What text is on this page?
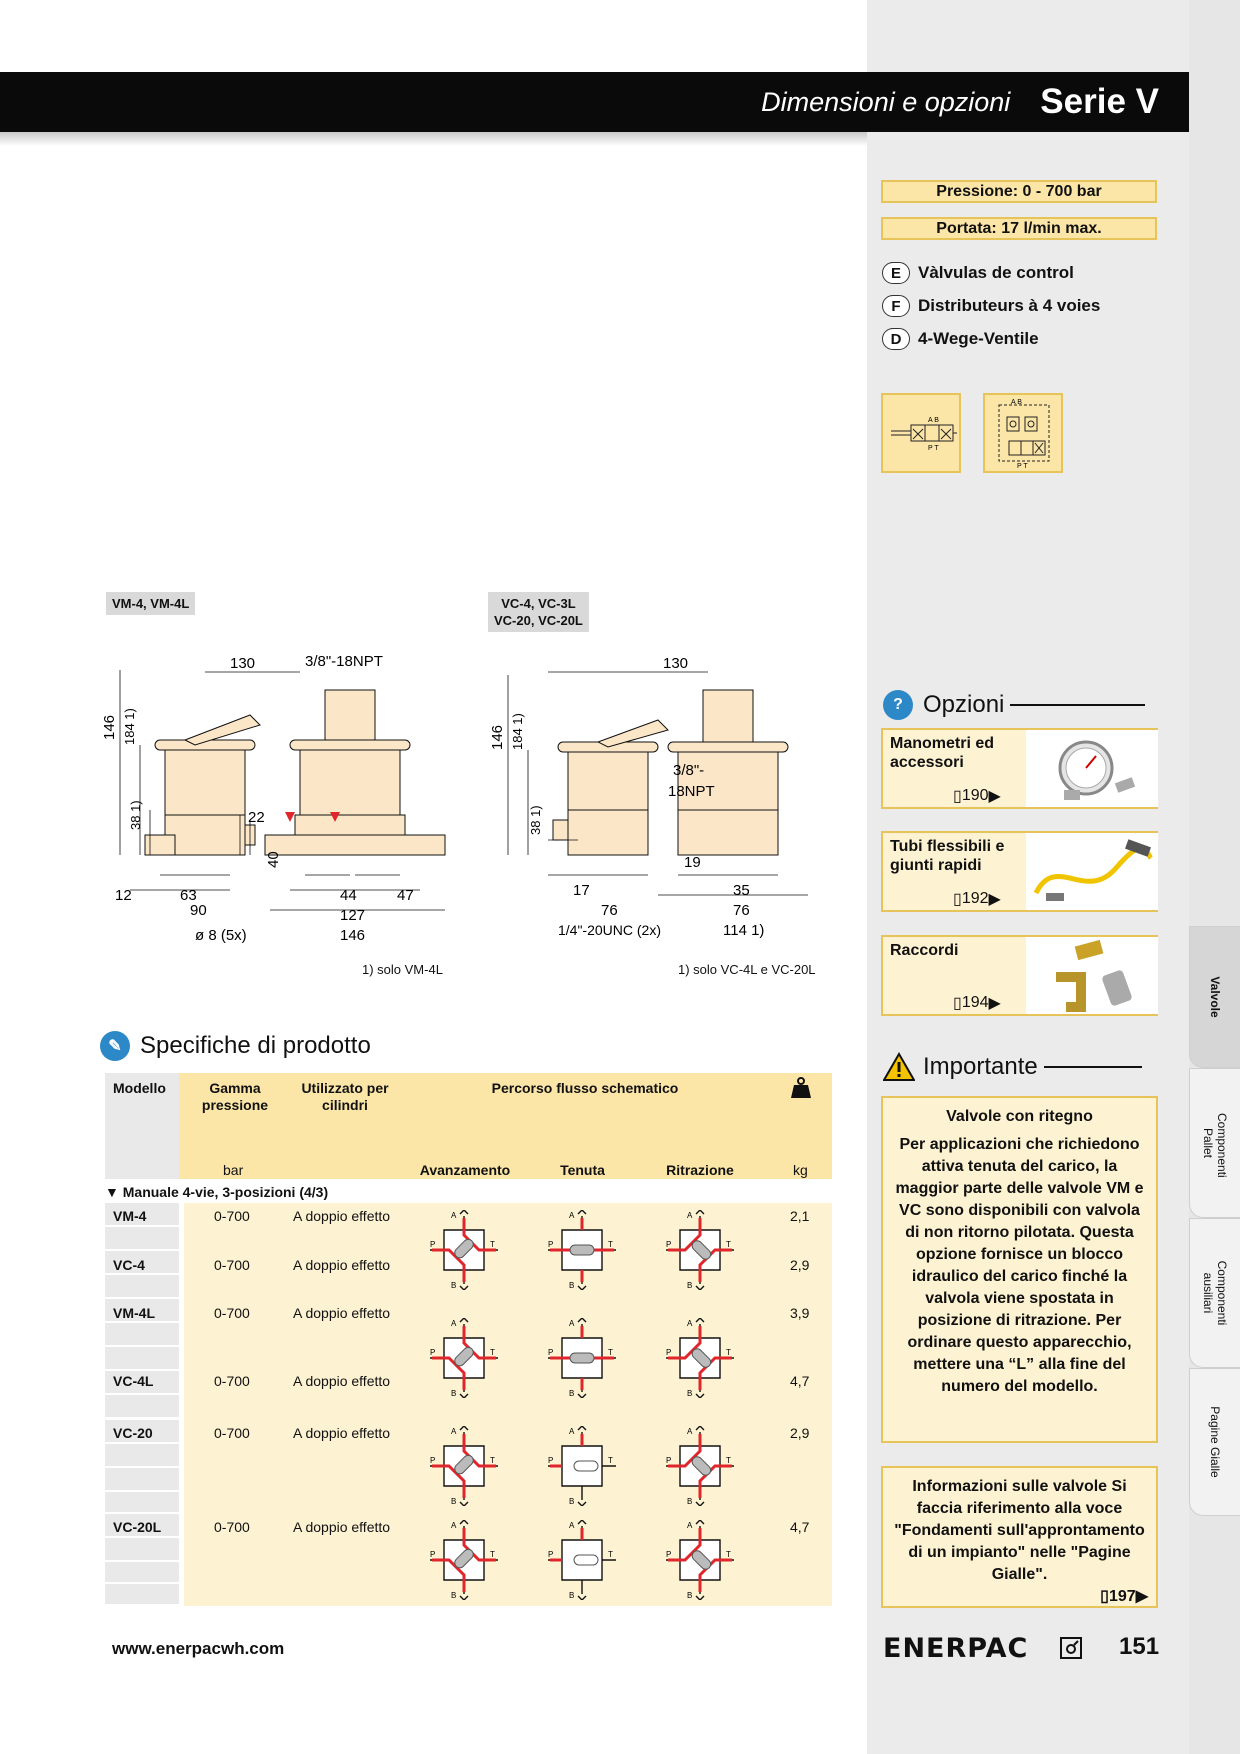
Dimensioni e opzioni Serie V
Pressione: 0 - 700 bar
Portata: 17 l/min max.
E	Vàlvulas de control
F	Distributeurs à 4 voies
D 4-Wege-Ventile
A B
P T
A B
P T
VM-4, VM-4L	VC-4, VC-3L
VC-20, VC-20L
130	3/8"-18NPT
146 184 1)
38 1)	22
40
12	63
90
ø 8 (5x)
44	47
127
146
1) solo VM-4L
130
146 184 1)
38 1)
3/8"-
18NPT
17
76
1/4"-20UNC (2x)
19
35
76
114 1)
1) solo VC-4L e VC-20L
✎ Specifiche di prodotto
Modello	Gamma pressione
Utilizzato per cilindri
Percorso flusso schematico
bar	Avanzamento	Tenuta	Ritrazione	kg
▼ Manuale 4-vie, 3-posizioni (4/3)
VM-4	0-700	A doppio effetto	2,1
VC-4	0-700	A doppio effetto	2,9
VM-4L	0-700	A doppio effetto	3,9
VC-4L	0-700	A doppio effetto	4,7
VC-20	0-700	A doppio effetto	2,9
VC-20L	0-700	A doppio effetto	4,7
A
B
P	T
A
B
P	T
A
B
P	T
A
B
P	T
A
B
P	T
A
B
P	T
A
B
P	T
A
B
P	T
A
B
P	T
A
B
P	T
A
B
P	T
A
B
P	T
? Opzioni
Manometri ed accessori
▯ 190 ▶
Tubi flessibili e giunti rapidi
▯ 192 ▶
Raccordi
▯ 194 ▶
Importante
Valvole con ritegno
Per applicazioni che richiedono attiva tenuta del carico, la maggior parte delle valvole VM e VC sono disponibili con valvola di non ritorno pilotata. Questa opzione fornisce un blocco idraulico del carico finché la valvola viene spostata in posizione di ritrazione. Per ordinare questo apparecchio, mettere una “L” alla fine del numero del modello.
Informazioni sulle valvole Si faccia riferimento alla voce "Fondamenti sull'approntamento di un impianto" nelle "Pagine Gialle".
▯197▶
Valvole
Componenti Pallet
Componenti ausiliari
Pagine Gialle
www.enerpacwh.com	ENERPAC	151
